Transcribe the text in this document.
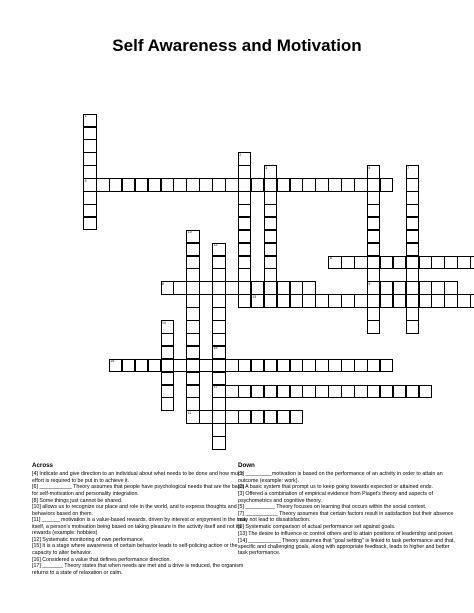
Self Awareness and Motivation
4
8
6	9
13
16
17
11
1
2
3	5	7
10
12
14
15
Across
[4] Indicate and give direction to an individual about what needs to be done and how much effort is required to be put in to achieve it.
[6] ___________ Theory assumes that people have psychological needs that are the basis for self-motivation and personality integration.
[8] Some things just cannot be shared.
[10] allows us to recognize our place and role in the world, and to express thoughts and behaviors based on them.
[11] ______ motivation is a value-based rewards, driven by interest or enjoyment in the task itself, a person's motivation being based on taking pleasure in the activity itself and not its rewards (example: hobbies)
[12] Systematic monitoring of own performance.
[15] It is a stage where awareness of certain behavior leads to self-policing action or the capacity to alter behavior.
[16] Considered a value that defines performance direction.
[17] _______ Theory states that when needs are met and a drive is reduced, the organism returns to a state of relaxation or calm.
Down
[1] _________motivation is based on the performance of an activity in order to attain an outcome (example: work).
[2] A basic system that prompt us to keep going towards expected or attained ends.
[3] Offered a combination of empirical evidence from Piaget's theory and aspects of psychometrics and cognitive theory.
[5] __________ Theory focuses on learning that occurs within the social context.
[7] ___________ Theory assumes that certain factors result in satisfaction but their absence may not lead to dissatisfaction.
[9] Systematic comparison of actual performance set against goals.
[13] The desire to influence or control others and to attain positions of leadership and power.
[14] ___________ Theory assumes that "goal setting" is linked to task performance and that, specific and challenging goals, along with appropriate feedback, leads to higher and better task performance.
